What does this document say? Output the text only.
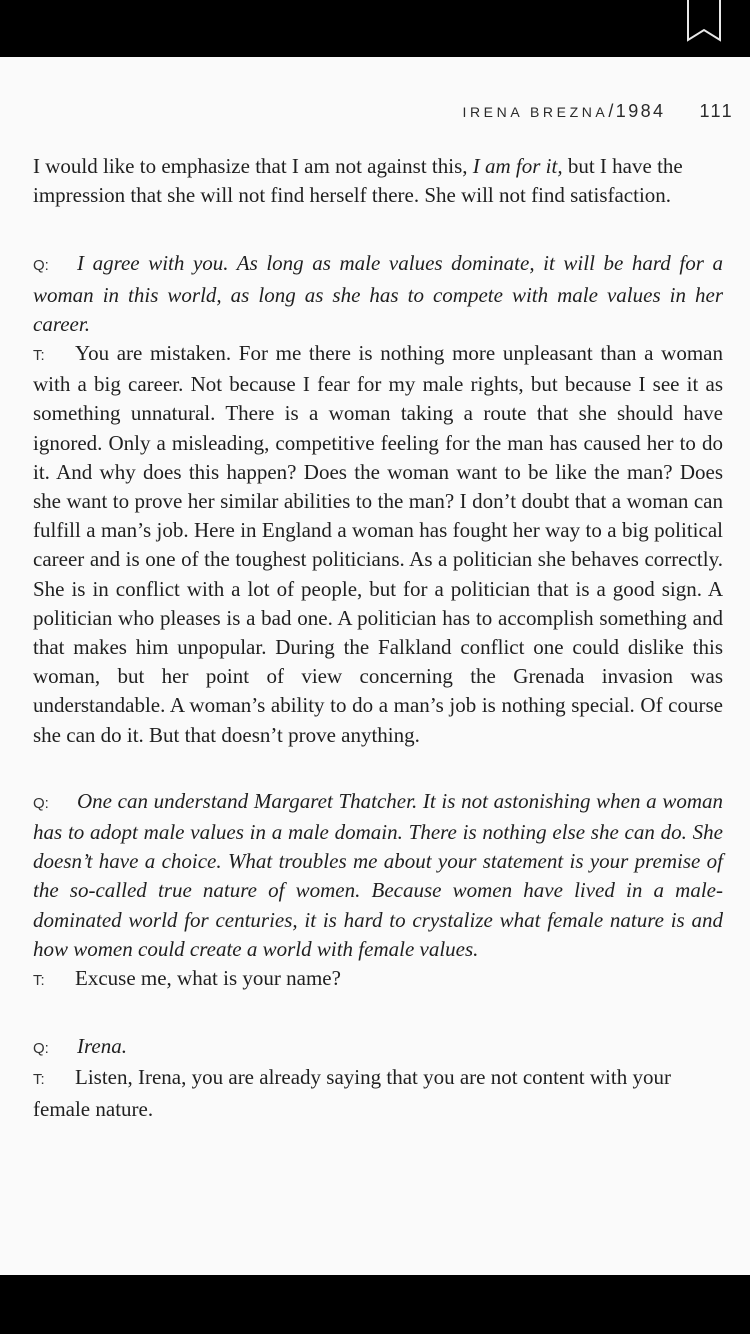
IRENA BREZNA/1984 111

I would like to emphasize that I am not against this, I am for it, but I have the impression that she will not find herself there. She will not find satisfaction.

Q: I agree with you. As long as male values dominate, it will be hard for a woman in this world, as long as she has to compete with male values in her career.

T: You are mistaken. For me there is nothing more unpleasant than a woman with a big career. Not because I fear for my male rights, but because I see it as something unnatural. There is a woman taking a route that she should have ignored. Only a misleading, competitive feeling for the man has caused her to do it. And why does this happen? Does the woman want to be like the man? Does she want to prove her similar abilities to the man? I don’t doubt that a woman can fulfill a man’s job. Here in England a woman has fought her way to a big political career and is one of the toughest politicians. As a politician she behaves correctly. She is in conflict with a lot of people, but for a politician that is a good sign. A politician who pleases is a bad one. A politician has to accomplish something and that makes him unpopular. During the Falkland conflict one could dislike this woman, but her point of view concerning the Grenada invasion was understandable. A woman’s ability to do a man’s job is nothing special. Of course she can do it. But that doesn’t prove anything.

Q: One can understand Margaret Thatcher. It is not astonishing when a woman has to adopt male values in a male domain. There is nothing else she can do. She doesn’t have a choice. What troubles me about your statement is your premise of the so-called true nature of women. Because women have lived in a male-dominated world for centuries, it is hard to crystalize what female nature is and how women could create a world with female values.

T: Excuse me, what is your name?

Q: Irena.

T: Listen, Irena, you are already saying that you are not content with your female nature.
